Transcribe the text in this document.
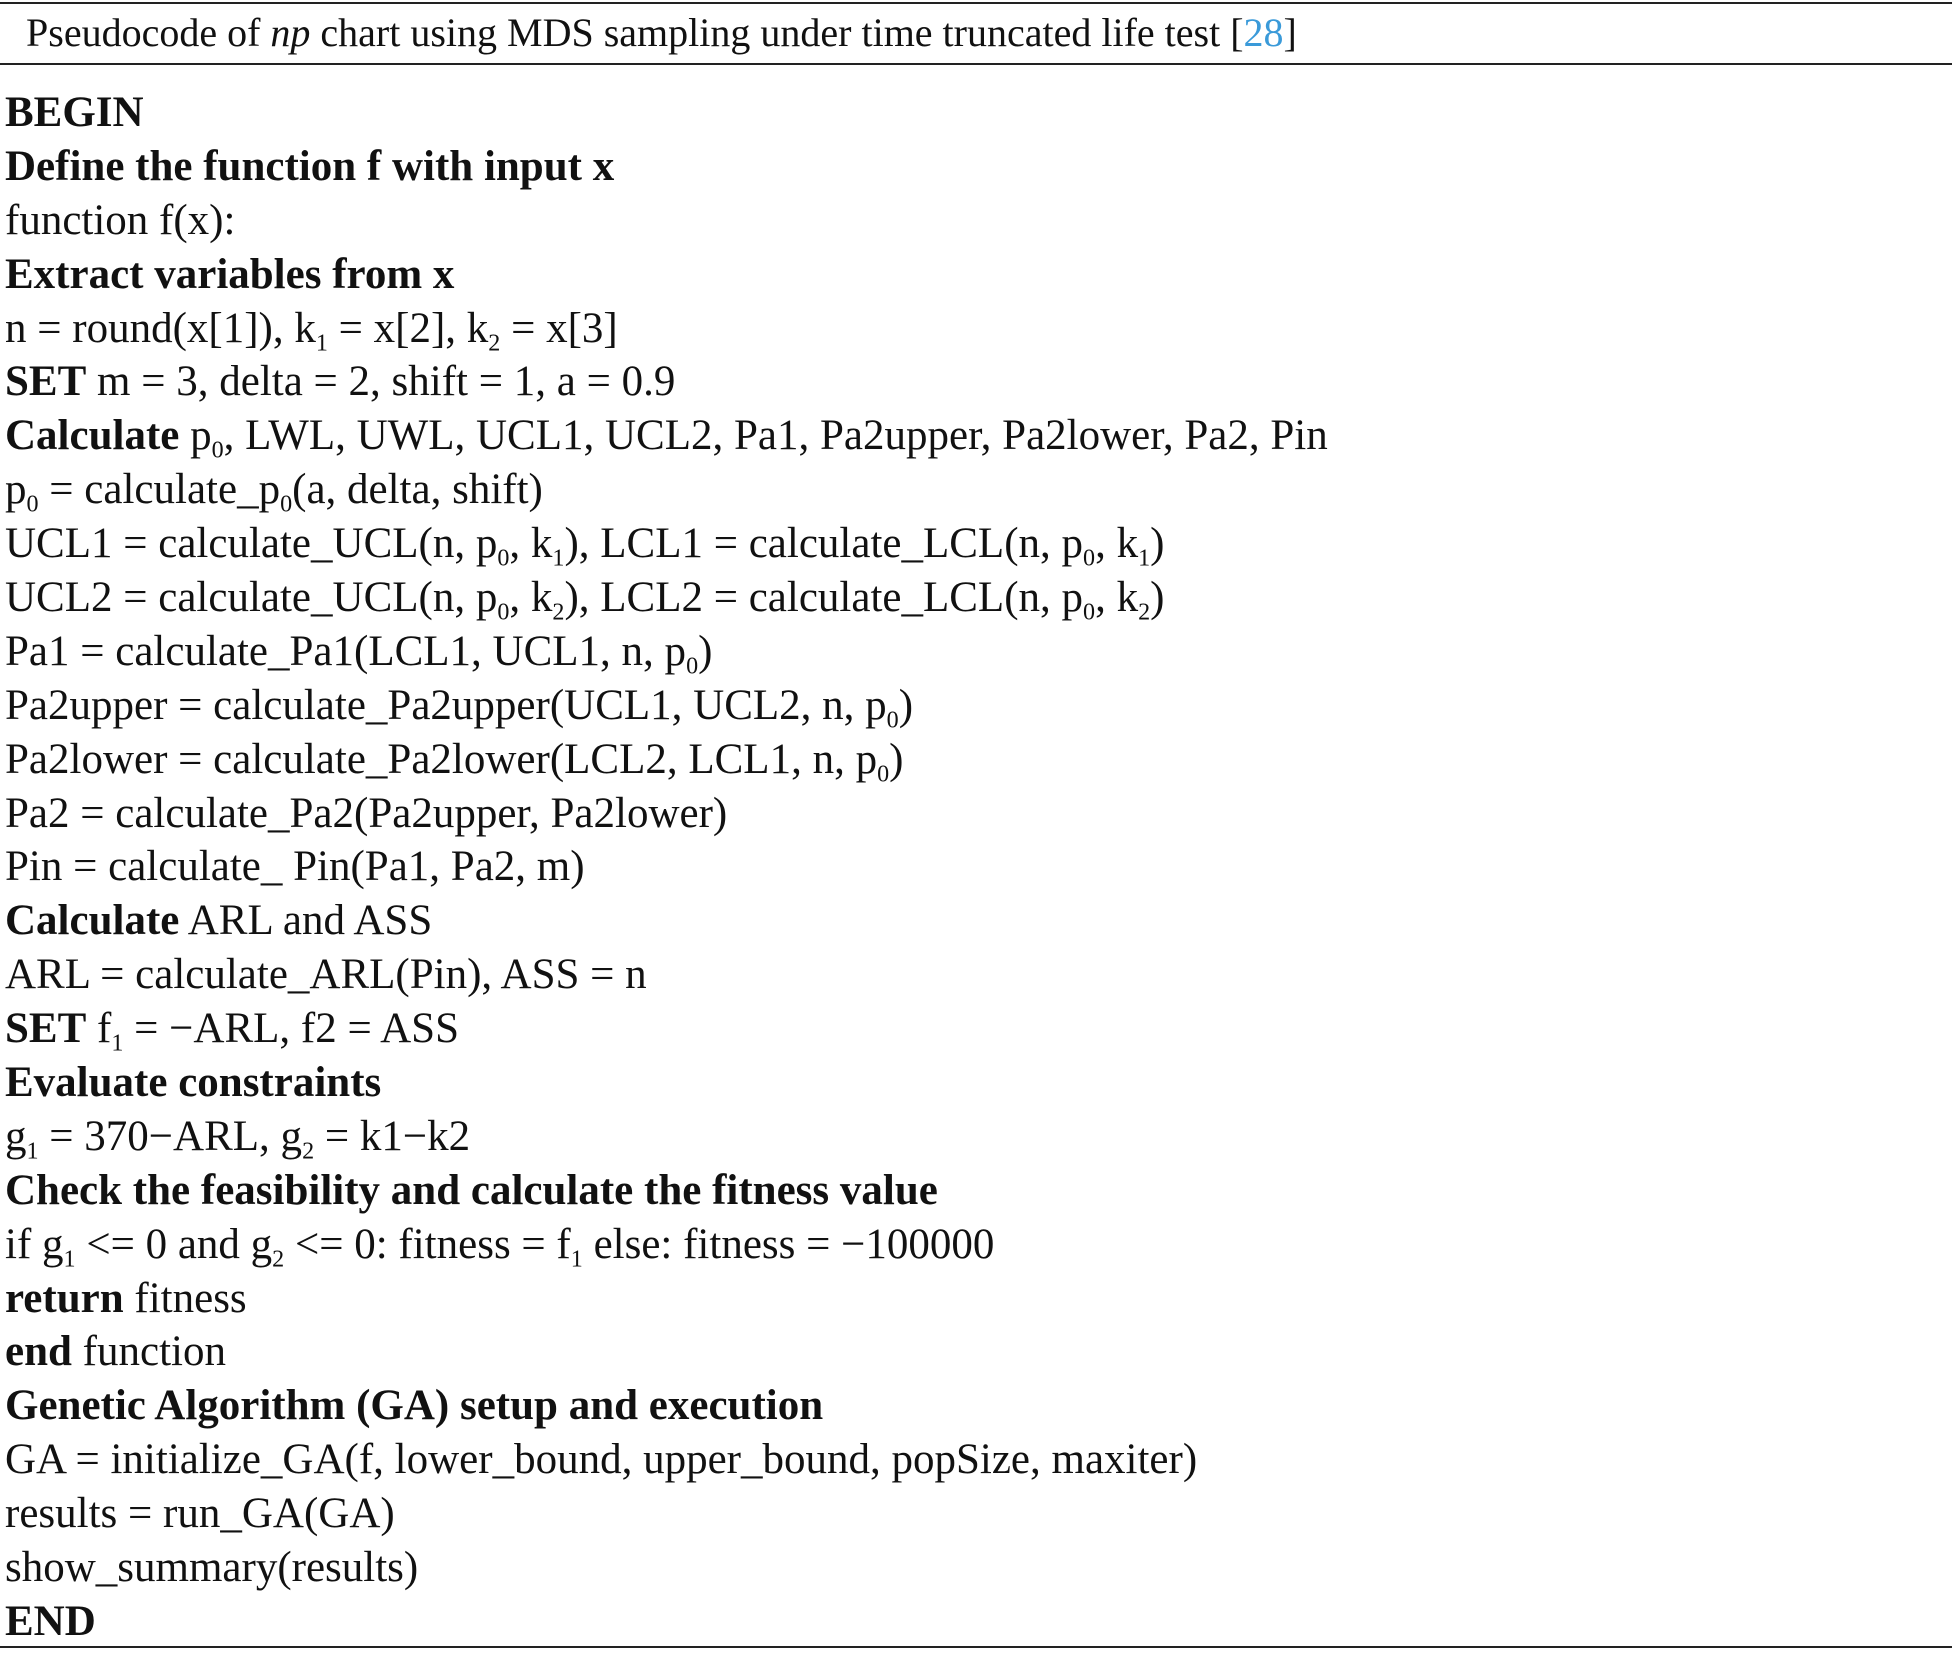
Pseudocode of np chart using MDS sampling under time truncated life test [28]
BEGIN
Define the function f with input x
function f(x):
Extract variables from x
n = round(x[1]), $k_1 = x[2]$, $k_2 = x[3]$
SET m = 3, delta = 2, shift = 1, a = 0.9
Calculate $p_0$, LWL, UWL, UCL1, UCL2, Pa1, Pa2upper, Pa2lower, Pa2, Pin
$p_0$ = $calculate\_p_0(a$, delta, shift)
UCL1 = calculate_UCL(n, $p_0$, $k_1$), LCL1 = calculate_LCL(n, $p_0$, $k_1$)
UCL2 = calculate_UCL(n, $p_0$, $k_2$), LCL2 = calculate_LCL(n, $p_0$, $k_2$)
Pa1 = calculate_Pa1(LCL1, UCL1, n, $p_0$)
Pa2upper = calculate_Pa2upper(UCL1, UCL2, n, $p_0$)
Pa2lower = calculate_Pa2lower(LCL2, LCL1, n, $p_0$)
Pa2 = calculate_Pa2(Pa2upper, Pa2lower)
Pin = calculate_ Pin(Pa1, Pa2, m)
Calculate ARL and ASS
ARL = calculate_ARL(Pin), ASS = n
SET $f_1 = -ARL$, f2 = ASS
Evaluate constraints
$g_1 = 370-ARL$, $g_2 = k1-k2$
Check the feasibility and calculate the fitness value
if $g_1 <= 0$ and $g_2 <= 0$: fitness = $f_1$ else: fitness = −100000
return fitness
end function
Genetic Algorithm (GA) setup and execution
GA = initialize_GA(f, lower_bound, upper_bound, popSize, maxiter)
results = run_GA(GA)
show_summary(results)
END
